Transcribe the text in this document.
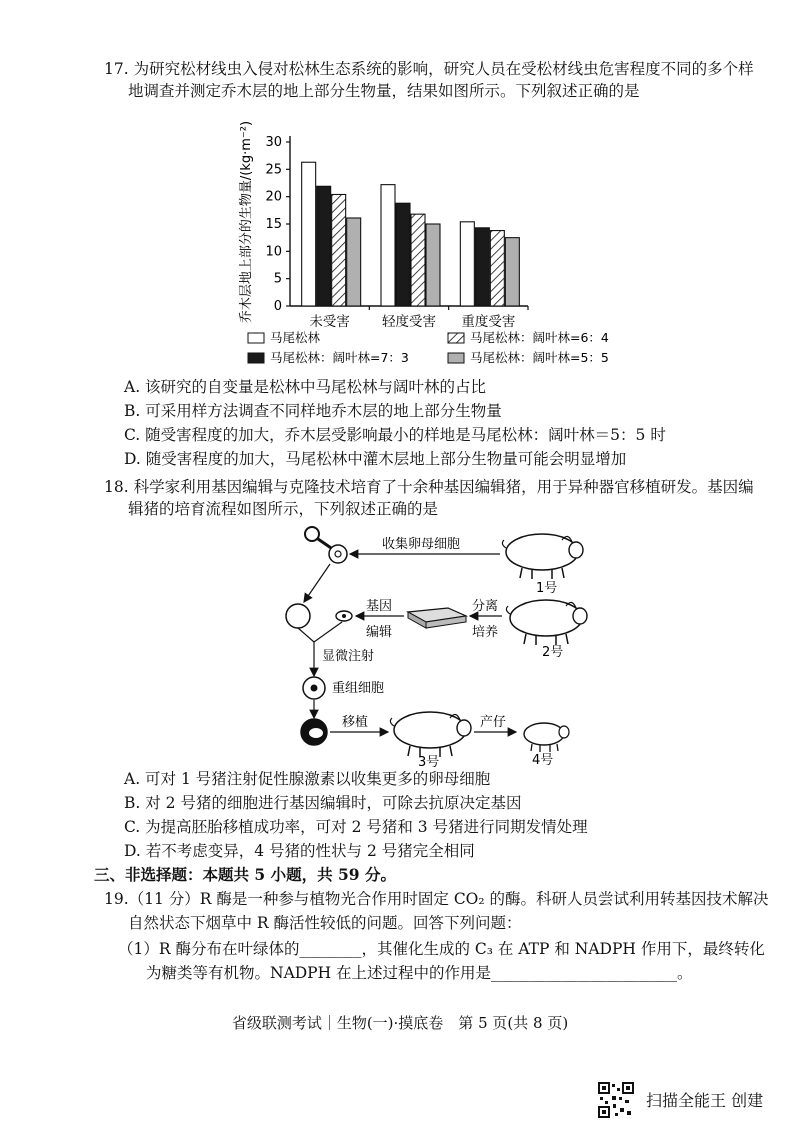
17. 为研究松材线虫入侵对松林生态系统的影响，研究人员在受松材线虫危害程度不同的多个样
地调查并测定乔木层的地上部分生物量，结果如图所示。下列叙述正确的是
乔木层地上部分的生物量/(kg·m⁻²) 0
5
10
15
20
25
30
未受害 轻度受害 重度受害
马尾松林
马尾松林：阔叶林=7：3
马尾松林：阔叶林=6：4
马尾松林：阔叶林=5：5
A. 该研究的自变量是松林中马尾松林与阔叶林的占比
B. 可采用样方法调查不同样地乔木层的地上部分生物量
C. 随受害程度的加大，乔木层受影响最小的样地是马尾松林：阔叶林＝5：5 时
D. 随受害程度的加大，马尾松林中灌木层地上部分生物量可能会明显增加
18. 科学家利用基因编辑与克隆技术培育了十余种基因编辑猪，用于异种器官移植研发。基因编
辑猪的培育流程如图所示，下列叙述正确的是
收集卵母细胞
1号
基因
编辑
分离
培养
2号
显微注射
重组细胞
移植
3号
产仔
4号
A. 可对 1 号猪注射促性腺激素以收集更多的卵母细胞
B. 对 2 号猪的细胞进行基因编辑时，可除去抗原决定基因
C. 为提高胚胎移植成功率，可对 2 号猪和 3 号猪进行同期发情处理
D. 若不考虑变异，4 号猪的性状与 2 号猪完全相同
三、非选择题：本题共 5 小题，共 59 分。
19.（11 分）R 酶是一种参与植物光合作用时固定 CO₂ 的酶。科研人员尝试利用转基因技术解决
自然状态下烟草中 R 酶活性较低的问题。回答下列问题：
（1）R 酶分布在叶绿体的________，其催化生成的 C₃ 在 ATP 和 NADPH 作用下，最终转化
为糖类等有机物。NADPH 在上述过程中的作用是________________________。
省级联测考试｜生物(一)·摸底卷　第 5 页(共 8 页)
扫描全能王 创建
